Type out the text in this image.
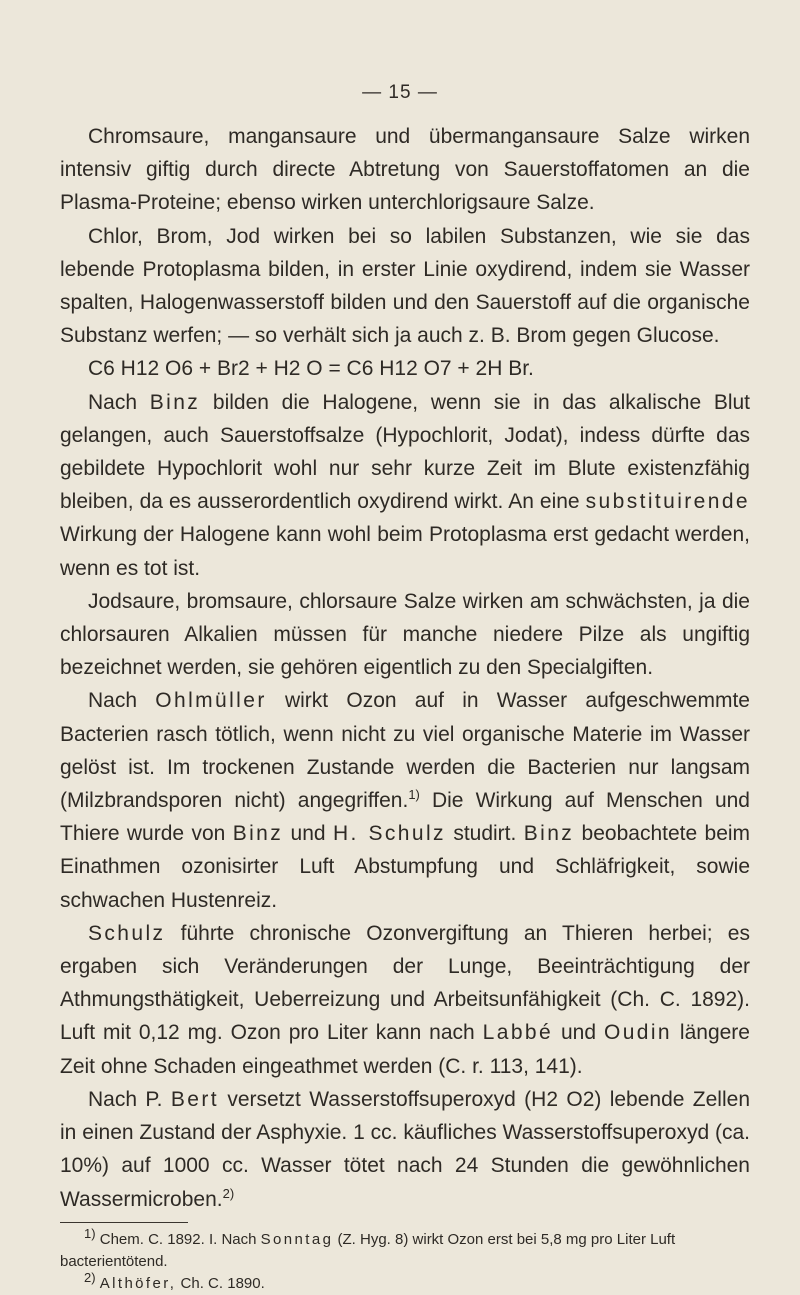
— 15 —

Chromsaure, mangansaure und übermangansaure Salze wirken intensiv giftig durch directe Abtretung von Sauerstoffatomen an die Plasma-Proteine; ebenso wirken unterchlorigsaure Salze.

Chlor, Brom, Jod wirken bei so labilen Substanzen, wie sie das lebende Protoplasma bilden, in erster Linie oxydirend, indem sie Wasser spalten, Halogenwasserstoff bilden und den Sauerstoff auf die organische Substanz werfen; — so verhält sich ja auch z. B. Brom gegen Glucose.

C6 H12 O6 + Br2 + H2 O = C6 H12 O7 + 2H Br.

Nach Binz bilden die Halogene, wenn sie in das alkalische Blut gelangen, auch Sauerstoffsalze (Hypochlorit, Jodat), indess dürfte das gebildete Hypochlorit wohl nur sehr kurze Zeit im Blute existenzfähig bleiben, da es ausserordentlich oxydirend wirkt. An eine substituirende Wirkung der Halogene kann wohl beim Protoplasma erst gedacht werden, wenn es tot ist.

Jodsaure, bromsaure, chlorsaure Salze wirken am schwächsten, ja die chlorsauren Alkalien müssen für manche niedere Pilze als ungiftig bezeichnet werden, sie gehören eigentlich zu den Specialgiften.

Nach Ohlmüller wirkt Ozon auf in Wasser aufgeschwemmte Bacterien rasch tötlich, wenn nicht zu viel organische Materie im Wasser gelöst ist. Im trockenen Zustande werden die Bacterien nur langsam (Milzbrandsporen nicht) angegriffen.$^{1)}$ Die Wirkung auf Menschen und Thiere wurde von Binz und H. Schulz studirt. Binz beobachtete beim Einathmen ozonisirter Luft Abstumpfung und Schläfrigkeit, sowie schwachen Hustenreiz.

Schulz führte chronische Ozonvergiftung an Thieren herbei; es ergaben sich Veränderungen der Lunge, Beeinträchtigung der Athmungsthätigkeit, Ueberreizung und Arbeitsunfähigkeit (Ch. C. 1892). Luft mit 0,12 mg. Ozon pro Liter kann nach Labbé und Oudin längere Zeit ohne Schaden eingeathmet werden (C. r. 113, 141).

Nach P. Bert versetzt Wasserstoffsuperoxyd (H2 O2) lebende Zellen in einen Zustand der Asphyxie. 1 cc. käufliches Wasserstoffsuperoxyd (ca. 10%) auf 1000 cc. Wasser tötet nach 24 Stunden die gewöhnlichen Wassermicroben.$^{2)}$

$^{1)}$ Chem. C. 1892. I. Nach Sonntag (Z. Hyg. 8) wirkt Ozon erst bei 5,8 mg pro Liter Luft bacterientötend.

$^{2)}$ Althöfer, Ch. C. 1890.
